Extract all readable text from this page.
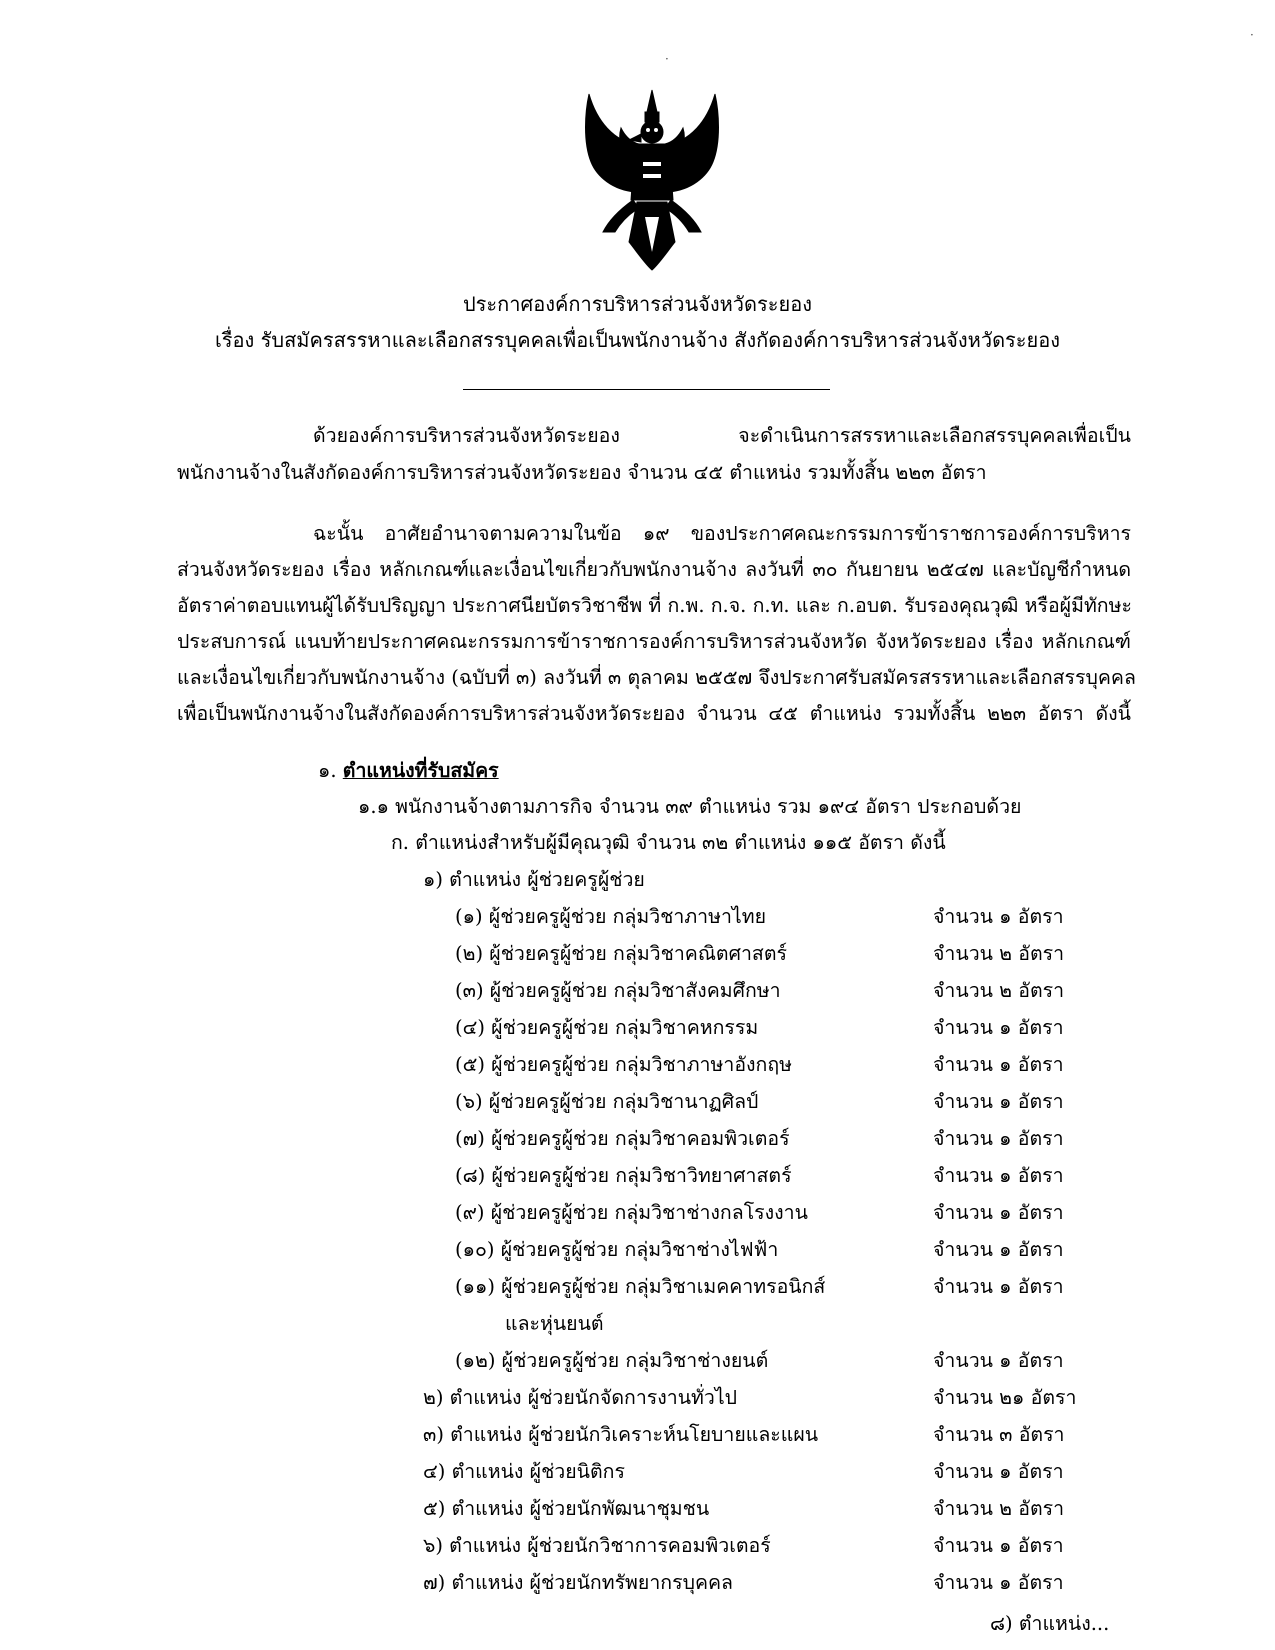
·
·
ประกาศองค์การบริหารส่วนจังหวัดระยอง
เรื่อง รับสมัครสรรหาและเลือกสรรบุคคลเพื่อเป็นพนักงานจ้าง สังกัดองค์การบริหารส่วนจังหวัดระยอง
ด้วยองค์การบริหารส่วนจังหวัดระยอง จะดำเนินการสรรหาและเลือกสรรบุคคลเพื่อเป็น
พนักงานจ้างในสังกัดองค์การบริหารส่วนจังหวัดระยอง จำนวน ๔๕ ตำแหน่ง รวมทั้งสิ้น ๒๒๓ อัตรา
ฉะนั้น อาศัยอำนาจตามความในข้อ ๑๙ ของประกาศคณะกรรมการข้าราชการองค์การบริหาร
ส่วนจังหวัดระยอง เรื่อง หลักเกณฑ์และเงื่อนไขเกี่ยวกับพนักงานจ้าง ลงวันที่ ๓๐ กันยายน ๒๕๔๗ และบัญชีกำหนด
อัตราค่าตอบแทนผู้ได้รับปริญญา ประกาศนียบัตรวิชาชีพ ที่ ก.พ. ก.จ. ก.ท. และ ก.อบต. รับรองคุณวุฒิ หรือผู้มีทักษะ
ประสบการณ์ แนบท้ายประกาศคณะกรรมการข้าราชการองค์การบริหารส่วนจังหวัด จังหวัดระยอง เรื่อง หลักเกณฑ์
และเงื่อนไขเกี่ยวกับพนักงานจ้าง (ฉบับที่ ๓) ลงวันที่ ๓ ตุลาคม ๒๕๕๗ จึงประกาศรับสมัครสรรหาและเลือกสรรบุคคล
เพื่อเป็นพนักงานจ้างในสังกัดองค์การบริหารส่วนจังหวัดระยอง จำนวน ๔๕ ตำแหน่ง รวมทั้งสิ้น ๒๒๓ อัตรา ดังนี้
๑. ตำแหน่งที่รับสมัคร
๑.๑ พนักงานจ้างตามภารกิจ จำนวน ๓๙ ตำแหน่ง รวม ๑๙๔ อัตรา ประกอบด้วย
ก. ตำแหน่งสำหรับผู้มีคุณวุฒิ จำนวน ๓๒ ตำแหน่ง ๑๑๕ อัตรา ดังนี้
๑) ตำแหน่ง ผู้ช่วยครูผู้ช่วย
(๑) ผู้ช่วยครูผู้ช่วย กลุ่มวิชาภาษาไทย	จำนวน ๑ อัตรา
(๒) ผู้ช่วยครูผู้ช่วย กลุ่มวิชาคณิตศาสตร์	จำนวน ๒ อัตรา
(๓) ผู้ช่วยครูผู้ช่วย กลุ่มวิชาสังคมศึกษา	จำนวน ๒ อัตรา
(๔) ผู้ช่วยครูผู้ช่วย กลุ่มวิชาคหกรรม	จำนวน ๑ อัตรา
(๕) ผู้ช่วยครูผู้ช่วย กลุ่มวิชาภาษาอังกฤษ	จำนวน ๑ อัตรา
(๖) ผู้ช่วยครูผู้ช่วย กลุ่มวิชานาฏศิลป์	จำนวน ๑ อัตรา
(๗) ผู้ช่วยครูผู้ช่วย กลุ่มวิชาคอมพิวเตอร์	จำนวน ๑ อัตรา
(๘) ผู้ช่วยครูผู้ช่วย กลุ่มวิชาวิทยาศาสตร์	จำนวน ๑ อัตรา
(๙) ผู้ช่วยครูผู้ช่วย กลุ่มวิชาช่างกลโรงงาน	จำนวน ๑ อัตรา
(๑๐) ผู้ช่วยครูผู้ช่วย กลุ่มวิชาช่างไฟฟ้า	จำนวน ๑ อัตรา
(๑๑) ผู้ช่วยครูผู้ช่วย กลุ่มวิชาเมคคาทรอนิกส์	จำนวน ๑ อัตรา
และหุ่นยนต์
(๑๒) ผู้ช่วยครูผู้ช่วย กลุ่มวิชาช่างยนต์	จำนวน ๑ อัตรา
๒) ตำแหน่ง ผู้ช่วยนักจัดการงานทั่วไป	จำนวน ๒๑ อัตรา
๓) ตำแหน่ง ผู้ช่วยนักวิเคราะห์นโยบายและแผน	จำนวน ๓ อัตรา
๔) ตำแหน่ง ผู้ช่วยนิติกร	จำนวน ๑ อัตรา
๕) ตำแหน่ง ผู้ช่วยนักพัฒนาชุมชน	จำนวน ๒ อัตรา
๖) ตำแหน่ง ผู้ช่วยนักวิชาการคอมพิวเตอร์	จำนวน ๑ อัตรา
๗) ตำแหน่ง ผู้ช่วยนักทรัพยากรบุคคล	จำนวน ๑ อัตรา
๘) ตำแหน่ง...
